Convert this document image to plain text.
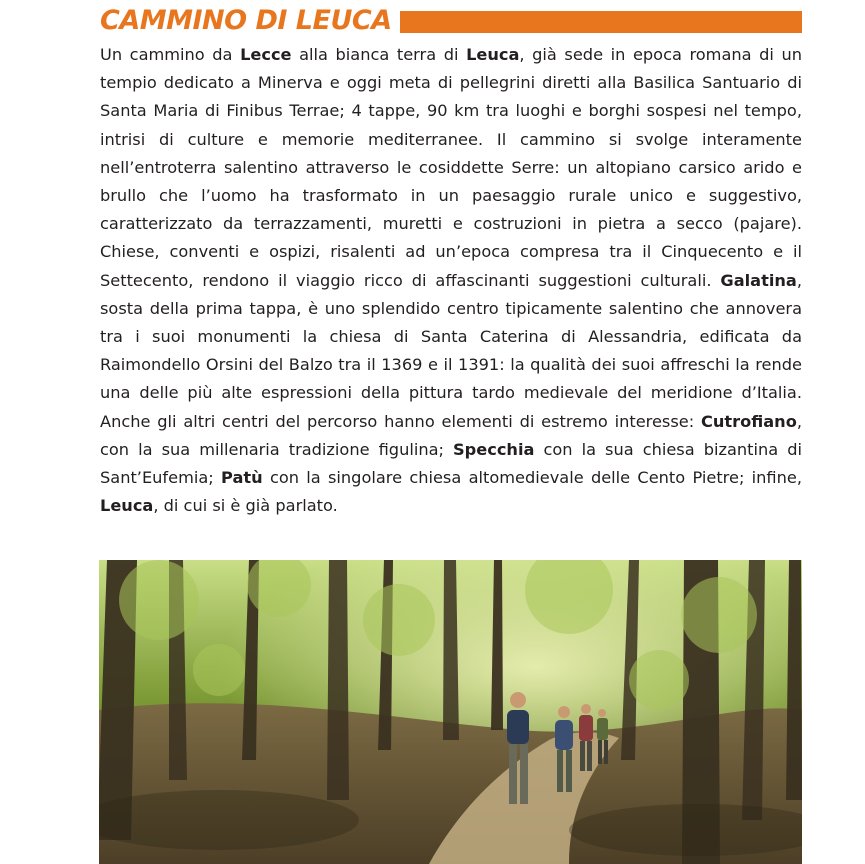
CAMMINO DI LEUCA

Un cammino da Lecce alla bianca terra di Leuca, già sede in epoca romana di un tempio dedicato a Minerva e oggi meta di pellegrini diretti alla Basilica Santuario di Santa Maria di Finibus Terrae; 4 tappe, 90 km tra luoghi e borghi sospesi nel tempo, intrisi di culture e memorie mediterranee. Il cammino si svolge interamente nell’entroterra salentino attraverso le cosiddette Serre: un altopiano carsico arido e brullo che l’uomo ha trasformato in un paesaggio rurale unico e suggestivo, caratterizzato da terrazzamenti, muretti e costruzioni in pietra a secco (pajare). Chiese, conventi e ospizi, risalenti ad un’epoca compresa tra il Cinquecento e il Settecento, rendono il viaggio ricco di affascinanti suggestioni culturali. Galatina, sosta della prima tappa, è uno splendido centro tipicamente salentino che annovera tra i suoi monumenti la chiesa di Santa Caterina di Alessandria, edificata da Raimondello Orsini del Balzo tra il 1369 e il 1391: la qualità dei suoi affreschi la rende una delle più alte espressioni della pittura tardo medievale del meridione d’Italia. Anche gli altri centri del percorso hanno elementi di estremo interesse: Cutrofiano, con la sua millenaria tradizione figulina; Specchia con la sua chiesa bizantina di Sant’Eufemia; Patù con la singolare chiesa altomedievale delle Cento Pietre; infine, Leuca, di cui si è già parlato.
